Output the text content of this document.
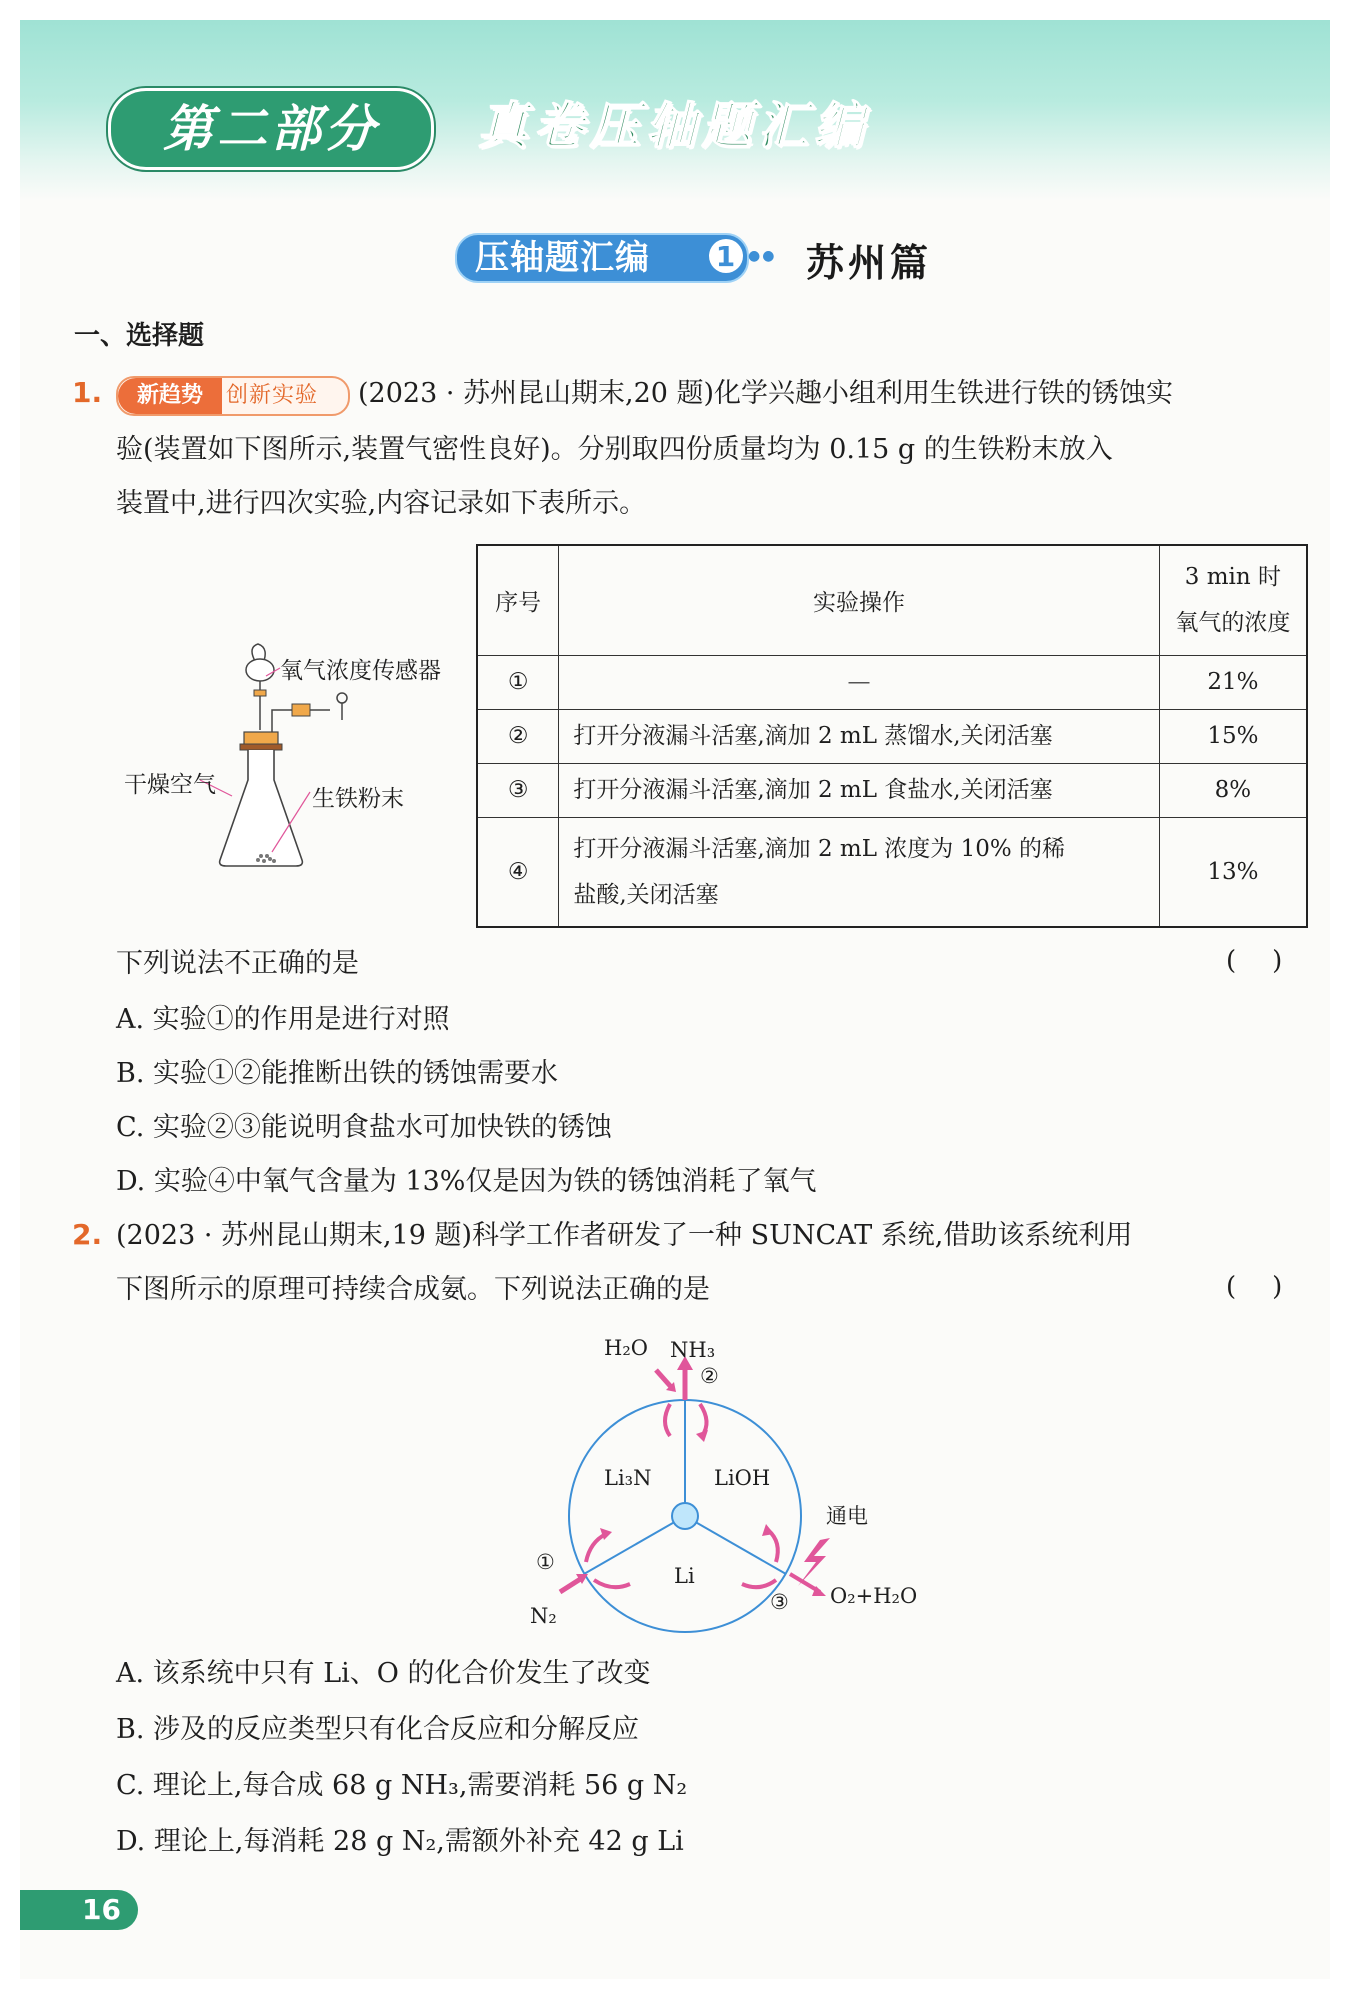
第二部分	真卷压轴题汇编
压轴题汇编 1 ●● 苏州篇
一、选择题
1.	新趋势	创新实验 (2023 · 苏州昆山期末,20 题)化学兴趣小组利用生铁进行铁的锈蚀实
验(装置如下图所示,装置气密性良好)。分别取四份质量均为 0.15 g 的生铁粉末放入
装置中,进行四次实验,内容记录如下表所示。
氧气浓度传感器
干燥空气
生铁粉末
序号	实验操作	3 min 时
氧气的浓度
①	—	21%
②	打开分液漏斗活塞,滴加 2 mL 蒸馏水,关闭活塞	15%
③	打开分液漏斗活塞,滴加 2 mL 食盐水,关闭活塞	8%
④	打开分液漏斗活塞,滴加 2 mL 浓度为 10% 的稀
盐酸,关闭活塞	13%
下列说法不正确的是	()
A. 实验①的作用是进行对照
B. 实验①②能推断出铁的锈蚀需要水
C. 实验②③能说明食盐水可加快铁的锈蚀
D. 实验④中氧气含量为 13%仅是因为铁的锈蚀消耗了氧气
2. (2023 · 苏州昆山期末,19 题)科学工作者研发了一种 SUNCAT 系统,借助该系统利用
下图所示的原理可持续合成氨。下列说法正确的是	()
H₂O NH₃
②
Li₃N	LiOH
通电
Li
①
N₂
③ O₂+H₂O
A. 该系统中只有 Li、O 的化合价发生了改变
B. 涉及的反应类型只有化合反应和分解反应
C. 理论上,每合成 68 g NH₃,需要消耗 56 g N₂
D. 理论上,每消耗 28 g N₂,需额外补充 42 g Li
16
